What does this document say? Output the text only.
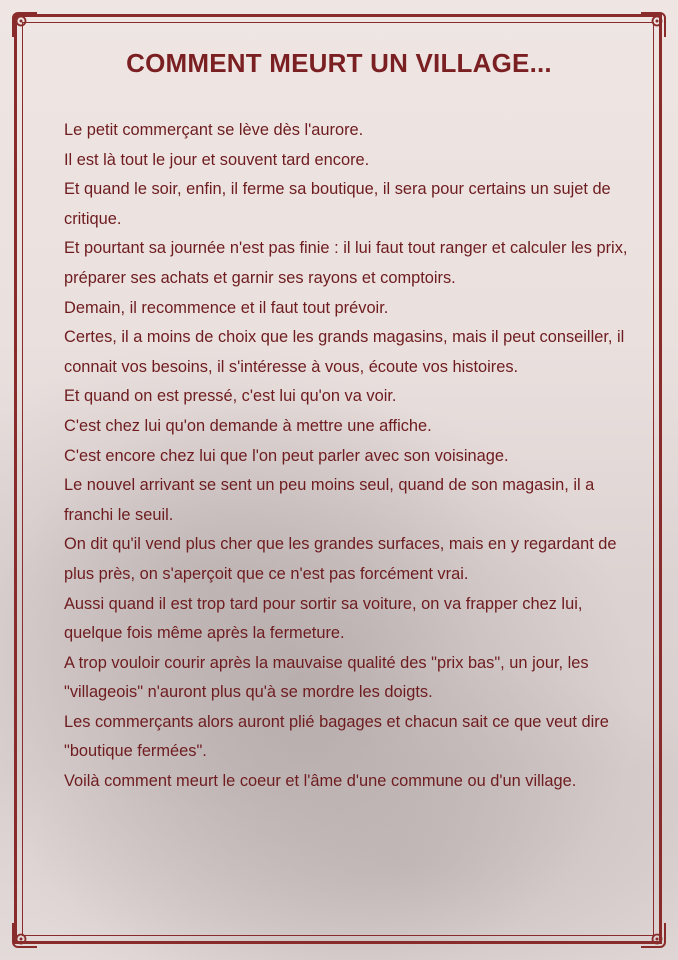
COMMENT MEURT UN VILLAGE...

Le petit commerçant se lève dès l'aurore.

Il est là tout le jour et souvent tard encore.

Et quand le soir, enfin, il ferme sa boutique, il sera pour certains un sujet de critique.

Et pourtant sa journée n'est pas finie : il lui faut tout ranger et calculer les prix, préparer ses achats et garnir ses rayons et comptoirs.

Demain, il recommence et il faut tout prévoir.

Certes, il a moins de choix que les grands magasins, mais il peut conseiller, il connait vos besoins, il s'intéresse à vous, écoute vos histoires.

Et quand on est pressé, c'est lui qu'on va voir.

C'est chez lui qu'on demande à mettre une affiche.

C'est encore chez lui que l'on peut parler avec son voisinage.

Le nouvel arrivant se sent un peu moins seul, quand de son magasin, il a franchi le seuil.

On dit qu'il vend plus cher que les grandes surfaces, mais en y regardant de plus près, on s'aperçoit que ce n'est pas forcément vrai.

Aussi quand il est trop tard pour sortir sa voiture, on va frapper chez lui, quelque fois même après la fermeture.

A trop vouloir courir après la mauvaise qualité des "prix bas", un jour, les "villageois" n'auront plus qu'à se mordre les doigts.

Les commerçants alors auront plié bagages et chacun sait ce que veut dire "boutique fermées".

Voilà comment meurt le coeur et l'âme d'une commune ou d'un village.
